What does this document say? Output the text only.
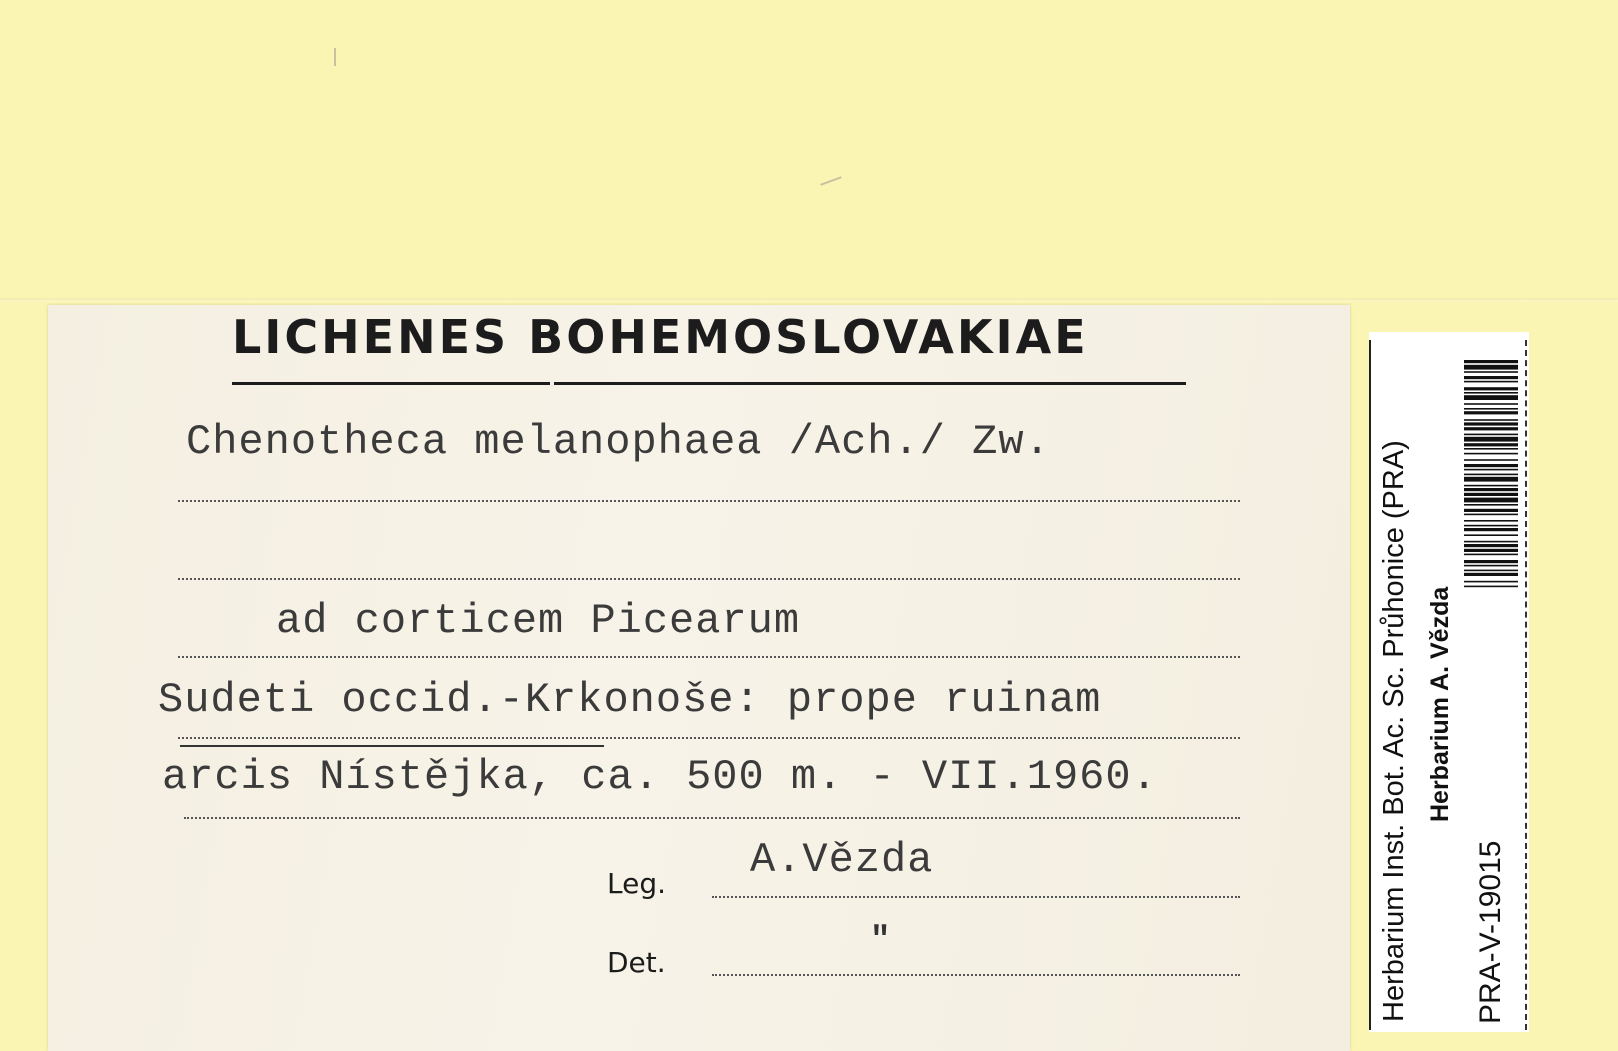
LICHENES BOHEMOSLOVAKIAE
Chenotheca melanophaea /Ach./ Zw.
ad corticem Picearum
Sudeti occid.-Krkonoše: prope ruinam
arcis Nístějka, ca. 500 m. - VII.1960.
Leg. A.Vězda
Det.
"	Herbarium Inst. Bot. Ac. Sc. Průhonice (PRA) Herbarium A. Vězda
PRA-V-19015
